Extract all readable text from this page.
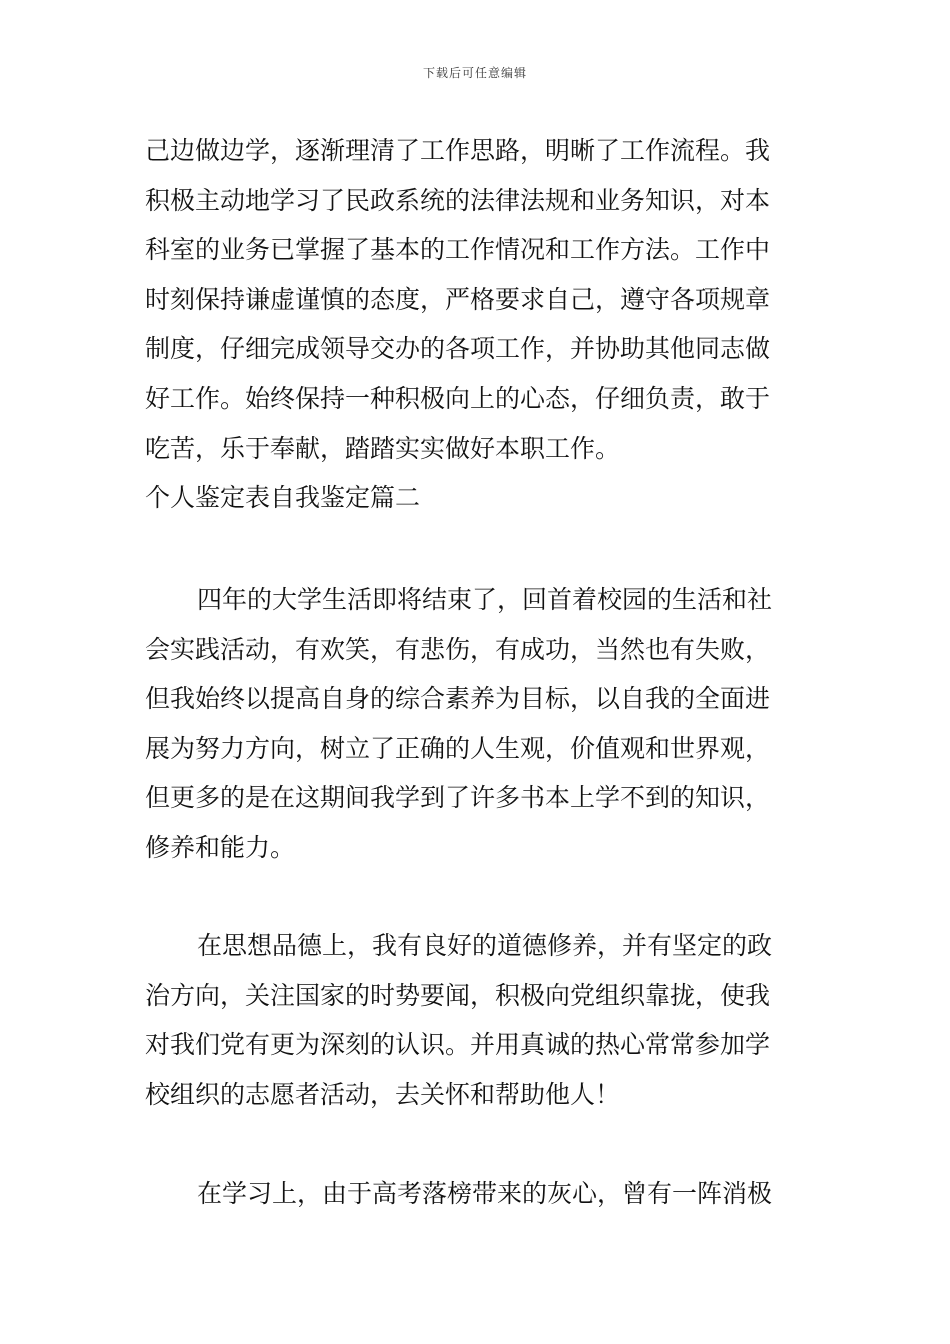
下载后可任意编辑
己边做边学，逐渐理清了工作思路，明晰了工作流程。我
积极主动地学习了民政系统的法律法规和业务知识，对本
科室的业务已掌握了基本的工作情况和工作方法。工作中
时刻保持谦虚谨慎的态度，严格要求自己，遵守各项规章
制度，仔细完成领导交办的各项工作，并协助其他同志做
好工作。始终保持一种积极向上的心态，仔细负责，敢于
吃苦，乐于奉献，踏踏实实做好本职工作。
个人鉴定表自我鉴定篇二
四年的大学生活即将结束了，回首着校园的生活和社
会实践活动，有欢笑，有悲伤，有成功，当然也有失败，
但我始终以提高自身的综合素养为目标，以自我的全面进
展为努力方向，树立了正确的人生观，价值观和世界观，
但更多的是在这期间我学到了许多书本上学不到的知识，
修养和能力。
在思想品德上，我有良好的道德修养，并有坚定的政
治方向，关注国家的时势要闻，积极向党组织靠拢，使我
对我们党有更为深刻的认识。并用真诚的热心常常参加学
校组织的志愿者活动，去关怀和帮助他人！
在学习上，由于高考落榜带来的灰心，曾有一阵消极
